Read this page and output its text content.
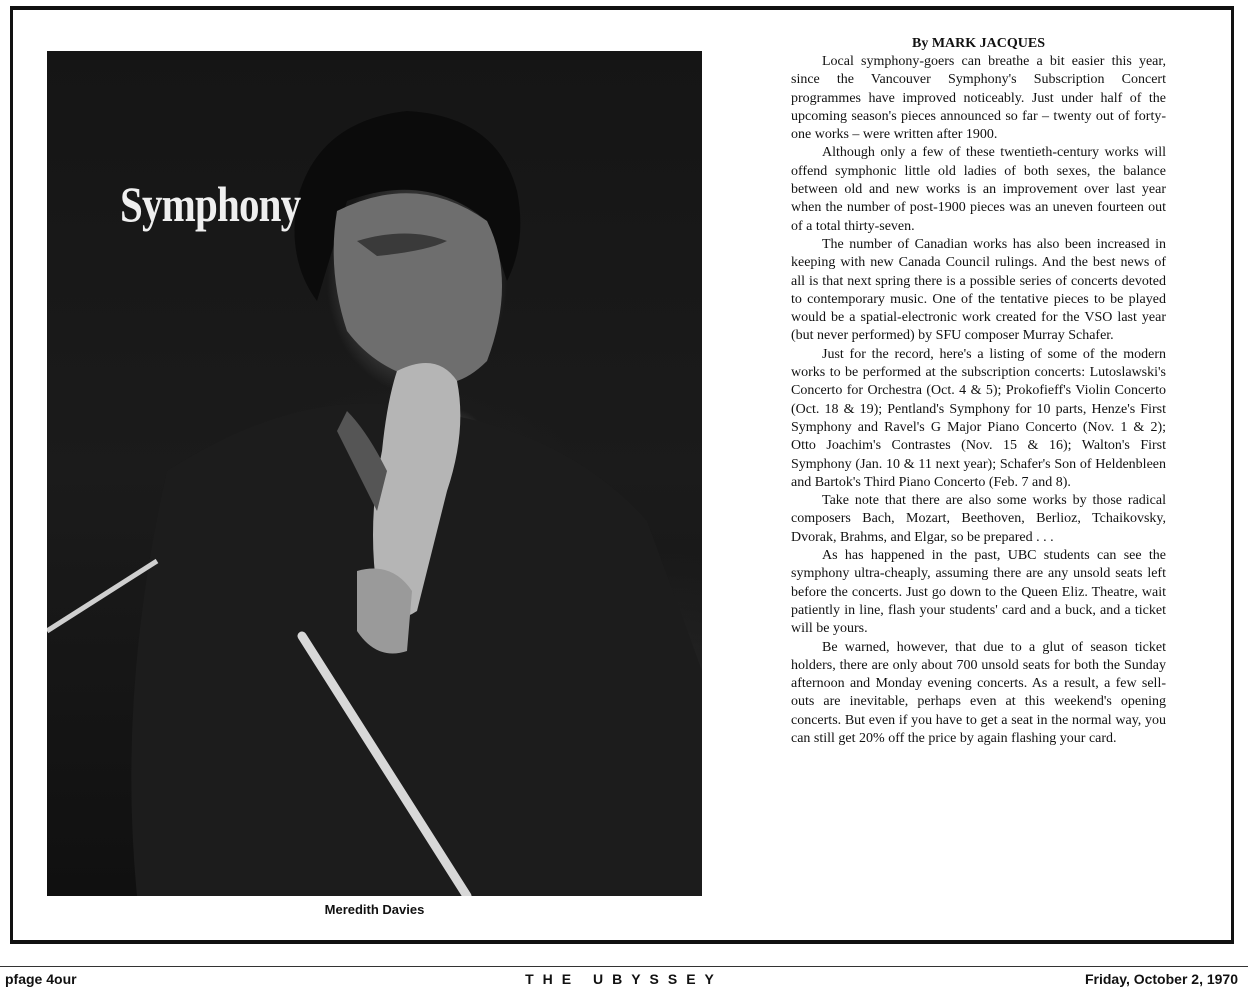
Symphony
Meredith Davies
By MARK JACQUES

Local symphony-goers can breathe a bit easier this year, since the Vancouver Symphony's Subscription Concert programmes have improved noticeably. Just under half of the upcoming season's pieces announced so far – twenty out of forty-one works – were written after 1900.

Although only a few of these twentieth-century works will offend symphonic little old ladies of both sexes, the balance between old and new works is an improvement over last year when the number of post-1900 pieces was an uneven fourteen out of a total thirty-seven.

The number of Canadian works has also been increased in keeping with new Canada Council rulings. And the best news of all is that next spring there is a possible series of concerts devoted to contemporary music. One of the tentative pieces to be played would be a spatial-electronic work created for the VSO last year (but never performed) by SFU composer Murray Schafer.

Just for the record, here's a listing of some of the modern works to be performed at the subscription concerts: Lutoslawski's Concerto for Orchestra (Oct. 4 & 5); Prokofieff's Violin Concerto (Oct. 18 & 19); Pentland's Symphony for 10 parts, Henze's First Symphony and Ravel's G Major Piano Concerto (Nov. 1 & 2); Otto Joachim's Contrastes (Nov. 15 & 16); Walton's First Symphony (Jan. 10 & 11 next year); Schafer's Son of Heldenbleen and Bartok's Third Piano Concerto (Feb. 7 and 8).

Take note that there are also some works by those radical composers Bach, Mozart, Beethoven, Berlioz, Tchaikovsky, Dvorak, Brahms, and Elgar, so be prepared . . .

As has happened in the past, UBC students can see the symphony ultra-cheaply, assuming there are any unsold seats left before the concerts. Just go down to the Queen Eliz. Theatre, wait patiently in line, flash your students' card and a buck, and a ticket will be yours.

Be warned, however, that due to a glut of season ticket holders, there are only about 700 unsold seats for both the Sunday afternoon and Monday evening concerts. As a result, a few sell-outs are inevitable, perhaps even at this weekend's opening concerts. But even if you have to get a seat in the normal way, you can still get 20% off the price by again flashing your card.

pfage 4our	THE UBYSSEY	Friday, October 2, 1970
